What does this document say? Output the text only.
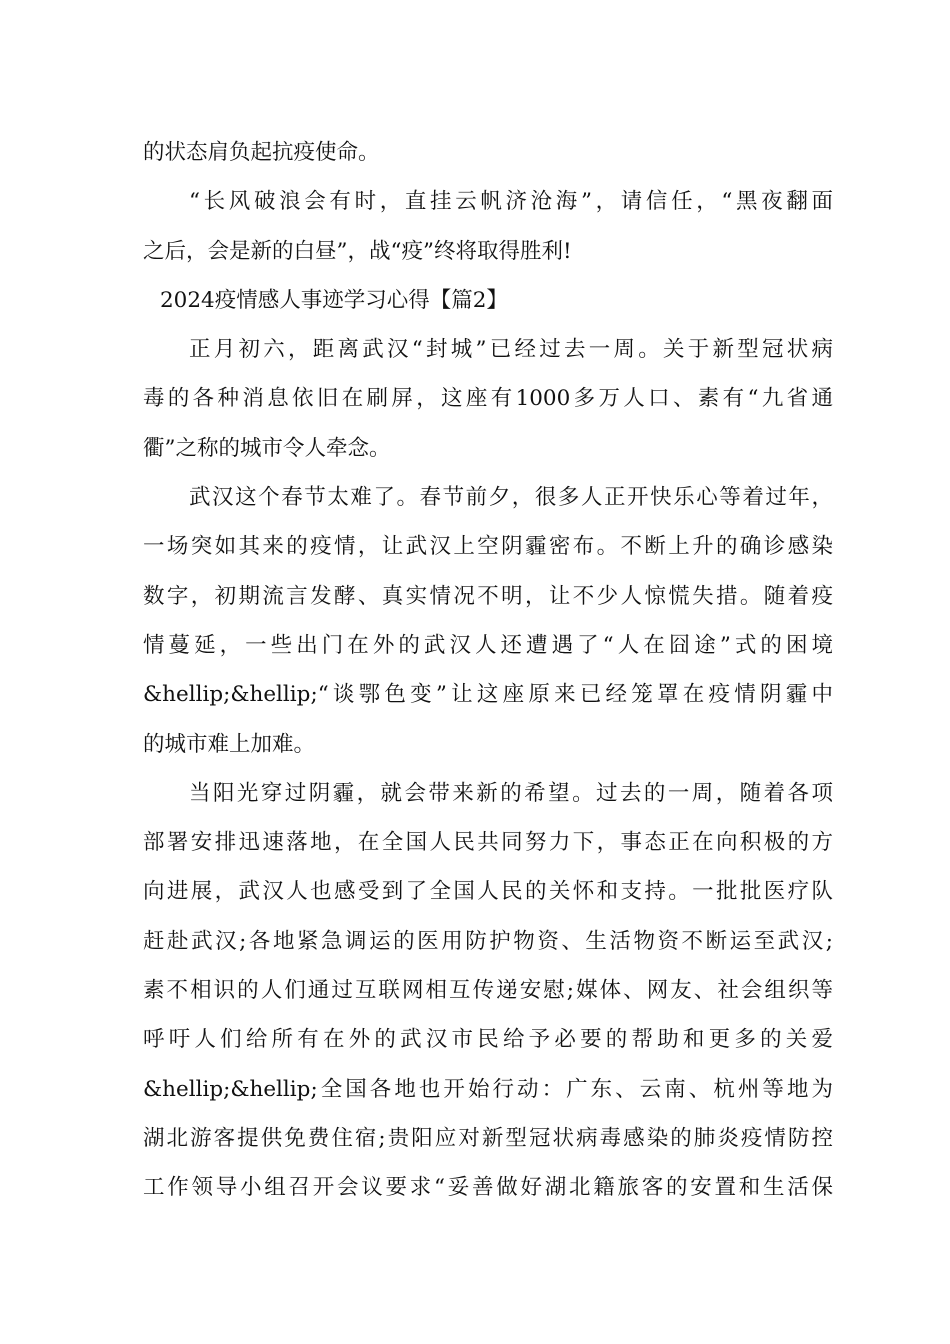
的状态肩负起抗疫使命。
“长风破浪会有时，直挂云帆济沧海”，请信任，“黑夜翻面
之后，会是新的白昼”，战“疫”终将取得胜利!
2024疫情感人事迹学习心得【篇2】
正月初六，距离武汉“封城”已经过去一周。关于新型冠状病
毒的各种消息依旧在刷屏，这座有1000多万人口、素有“九省通
衢”之称的城市令人牵念。
武汉这个春节太难了。春节前夕，很多人正开快乐心等着过年，
一场突如其来的疫情，让武汉上空阴霾密布。不断上升的确诊感染
数字，初期流言发酵、真实情况不明，让不少人惊慌失措。随着疫
情蔓延，一些出门在外的武汉人还遭遇了“人在囧途”式的困境
&hellip;&hellip;“谈鄂色变”让这座原来已经笼罩在疫情阴霾中
的城市难上加难。
当阳光穿过阴霾，就会带来新的希望。过去的一周，随着各项
部署安排迅速落地，在全国人民共同努力下，事态正在向积极的方
向进展，武汉人也感受到了全国人民的关怀和支持。一批批医疗队
赶赴武汉;各地紧急调运的医用防护物资、生活物资不断运至武汉;
素不相识的人们通过互联网相互传递安慰;媒体、网友、社会组织等
呼吁人们给所有在外的武汉市民给予必要的帮助和更多的关爱
&hellip;&hellip;全国各地也开始行动：广东、云南、杭州等地为
湖北游客提供免费住宿;贵阳应对新型冠状病毒感染的肺炎疫情防控
工作领导小组召开会议要求“妥善做好湖北籍旅客的安置和生活保
